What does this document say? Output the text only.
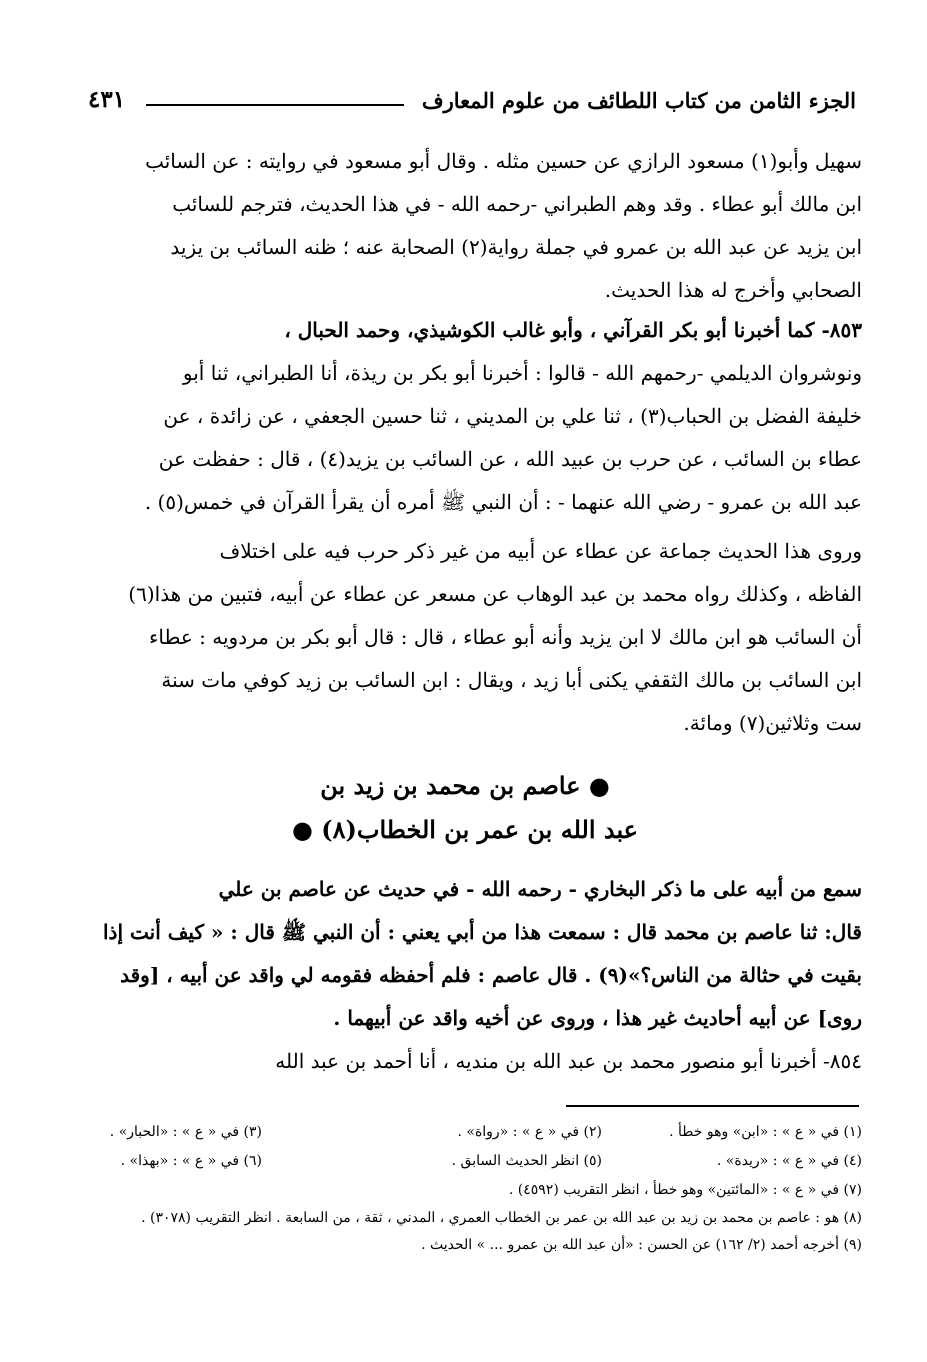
الجزء الثامن من كتاب اللطائف من علوم المعارف
٤٣١
سهيل وأبو(١) مسعود الرازي عن حسين مثله . وقال أبو مسعود في روايته : عن السائب
ابن مالك أبو عطاء . وقد وهم الطبراني -رحمه الله - في هذا الحديث، فترجم للسائب
ابن يزيد عن عبد الله بن عمرو في جملة رواية(٢) الصحابة عنه ؛ ظنه السائب بن يزيد
الصحابي وأخرج له هذا الحديث.
٨٥٣- كما أخبرنا أبو بكر القرآني ، وأبو غالب الكوشيذي، وحمد الحبال ،
ونوشروان الديلمي -رحمهم الله - قالوا : أخبرنا أبو بكر بن ريذة، أنا الطبراني، ثنا أبو
خليفة الفضل بن الحباب(٣) ، ثنا علي بن المديني ، ثنا حسين الجعفي ، عن زائدة ، عن
عطاء بن السائب ، عن حرب بن عبيد الله ، عن السائب بن يزيد(٤) ، قال : حفظت عن
عبد الله بن عمرو - رضي الله عنهما - : أن النبي ﷺ أمره أن يقرأ القرآن في خمس(٥) .
وروى هذا الحديث جماعة عن عطاء عن أبيه من غير ذكر حرب فيه على اختلاف
الفاظه ، وكذلك رواه محمد بن عبد الوهاب عن مسعر عن عطاء عن أبيه، فتبين من هذا(٦)
أن السائب هو ابن مالك لا ابن يزيد وأنه أبو عطاء ، قال : قال أبو بكر بن مردويه : عطاء
ابن السائب بن مالك الثقفي يكنى أبا زيد ، ويقال : ابن السائب بن زيد كوفي مات سنة
ست وثلاثين(٧) ومائة.
● عاصم بن محمد بن زيد بن
عبد الله بن عمر بن الخطاب(٨) ●
سمع من أبيه على ما ذكر البخاري - رحمه الله - في حديث عن عاصم بن علي
قال: ثنا عاصم بن محمد قال : سمعت هذا من أبي يعني : أن النبي ﷺ قال : « كيف أنت إذا
بقيت في حثالة من الناس؟»(٩) . قال عاصم : فلم أحفظه فقومه لي واقد عن أبيه ، [وقد
روى] عن أبيه أحاديث غير هذا ، وروى عن أخيه واقد عن أبيهما .
٨٥٤- أخبرنا أبو منصور محمد بن عبد الله بن منديه ، أنا أحمد بن عبد الله
(١) في « ع » : «ابن» وهو خطأ .
(٢) في « ع » : «رواة» .
(٣) في « ع » : «الحبار» .
(٤) في « ع » : «ريدة» .
(٥) انظر الحديث السابق .
(٦) في « ع » : «بهذا» .
(٧) في « ع » : «المائتين» وهو خطأ ، انظر التقريب (٤٥٩٢) .
(٨) هو : عاصم بن محمد بن زيد بن عبد الله بن عمر بن الخطاب العمري ، المدني ، ثقة ، من السابعة . انظر التقريب (٣٠٧٨) .
(٩) أخرجه أحمد (٢/ ١٦٢) عن الحسن : «أن عبد الله بن عمرو ... » الحديث .
